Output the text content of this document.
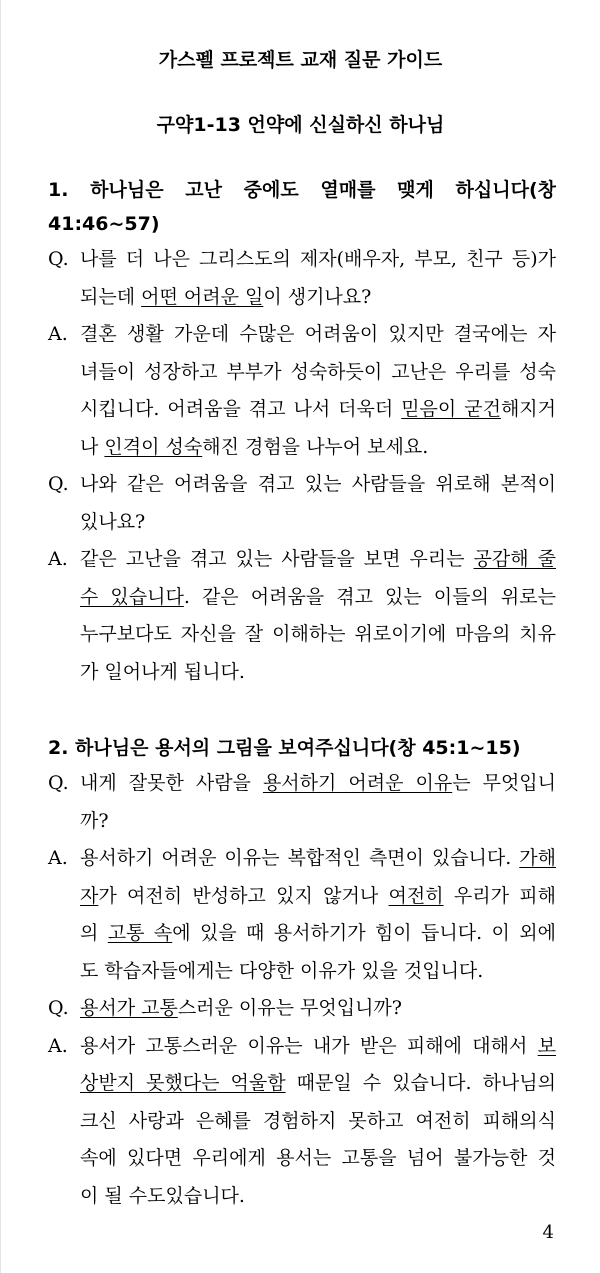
가스펠 프로젝트 교재 질문 가이드
구약1-13 언약에 신실하신 하나님
1. 하나님은 고난 중에도 열매를 맺게 하십니다(창
41:46~57)
Q. 나를 더 나은 그리스도의 제자(배우자, 부모, 친구 등)가
되는데 어떤 어려운 일이 생기나요?
A. 결혼 생활 가운데 수많은 어려움이 있지만 결국에는 자
녀들이 성장하고 부부가 성숙하듯이 고난은 우리를 성숙
시킵니다. 어려움을 겪고 나서 더욱더 믿음이 굳건해지거
나 인격이 성숙해진 경험을 나누어 보세요.
Q. 나와 같은 어려움을 겪고 있는 사람들을 위로해 본적이
있나요?
A. 같은 고난을 겪고 있는 사람들을 보면 우리는 공감해 줄
수 있습니다. 같은 어려움을 겪고 있는 이들의 위로는
누구보다도 자신을 잘 이해하는 위로이기에 마음의 치유
가 일어나게 됩니다.
2. 하나님은 용서의 그림을 보여주십니다(창 45:1~15)
Q. 내게 잘못한 사람을 용서하기 어려운 이유는 무엇입니
까?
A. 용서하기 어려운 이유는 복합적인 측면이 있습니다. 가해
자가 여전히 반성하고 있지 않거나 여전히 우리가 피해
의 고통 속에 있을 때 용서하기가 힘이 듭니다. 이 외에
도 학습자들에게는 다양한 이유가 있을 것입니다.
Q. 용서가 고통스러운 이유는 무엇입니까?
A. 용서가 고통스러운 이유는 내가 받은 피해에 대해서 보
상받지 못했다는 억울함 때문일 수 있습니다. 하나님의
크신 사랑과 은혜를 경험하지 못하고 여전히 피해의식
속에 있다면 우리에게 용서는 고통을 넘어 불가능한 것
이 될 수도있습니다.
4
